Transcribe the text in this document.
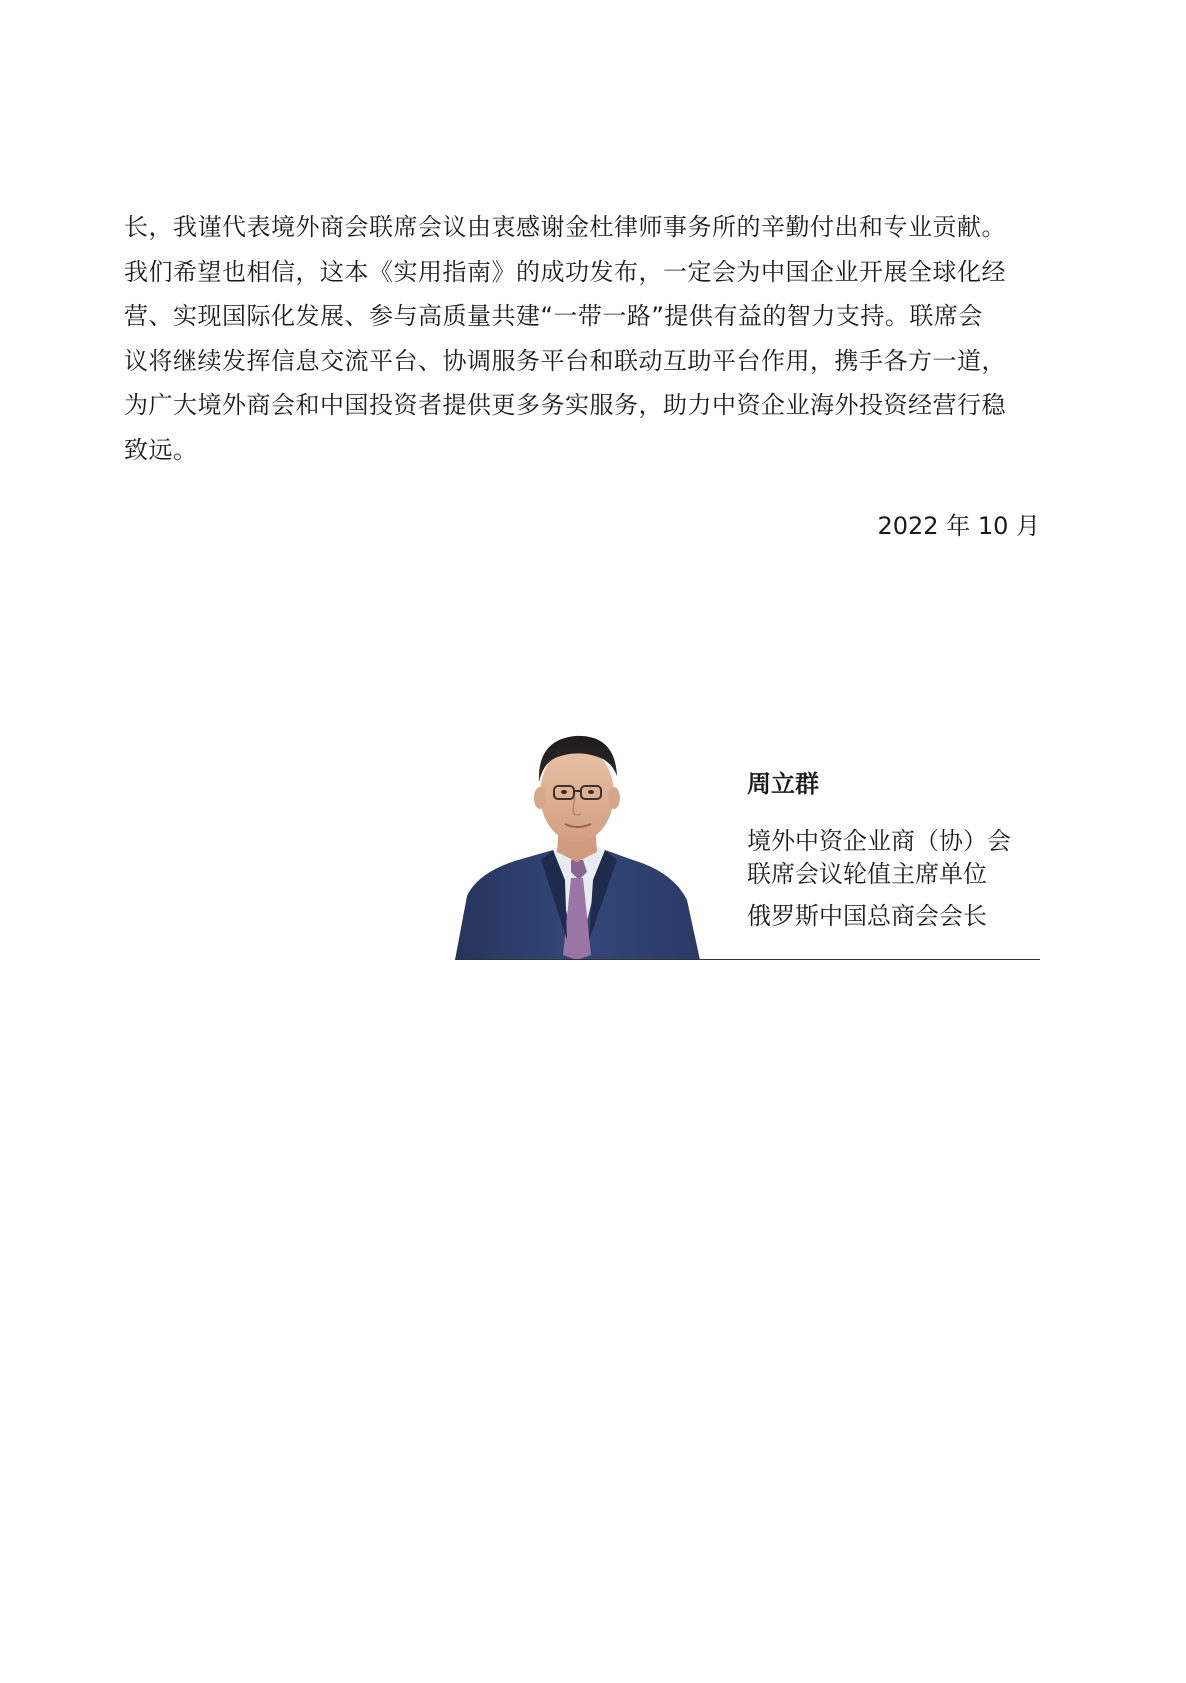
长，我谨代表境外商会联席会议由衷感谢金杜律师事务所的辛勤付出和专业贡献。
我们希望也相信，这本《实用指南》的成功发布，一定会为中国企业开展全球化经
营、实现国际化发展、参与高质量共建“一带一路”提供有益的智力支持。联席会
议将继续发挥信息交流平台、协调服务平台和联动互助平台作用，携手各方一道，
为广大境外商会和中国投资者提供更多务实服务，助力中资企业海外投资经营行稳
致远。

2022 年 10 月

周立群

境外中资企业商（协）会

联席会议轮值主席单位

俄罗斯中国总商会会长
